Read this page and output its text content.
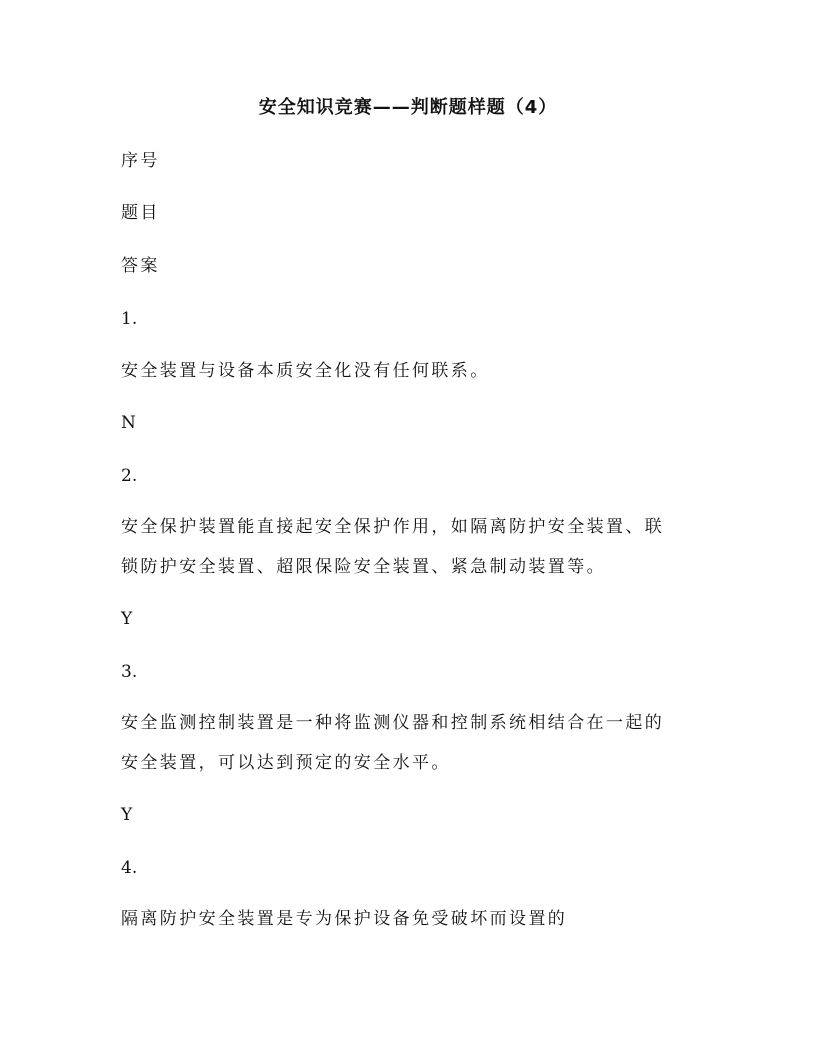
安全知识竞赛——判断题样题（4）
序号
题目
答案
1.
安全装置与设备本质安全化没有任何联系。
N
2.
安全保护装置能直接起安全保护作用，如隔离防护安全装置、联
锁防护安全装置、超限保险安全装置、紧急制动装置等。
Y
3.
安全监测控制装置是一种将监测仪器和控制系统相结合在一起的
安全装置，可以达到预定的安全水平。
Y
4.
隔离防护安全装置是专为保护设备免受破坏而设置的
